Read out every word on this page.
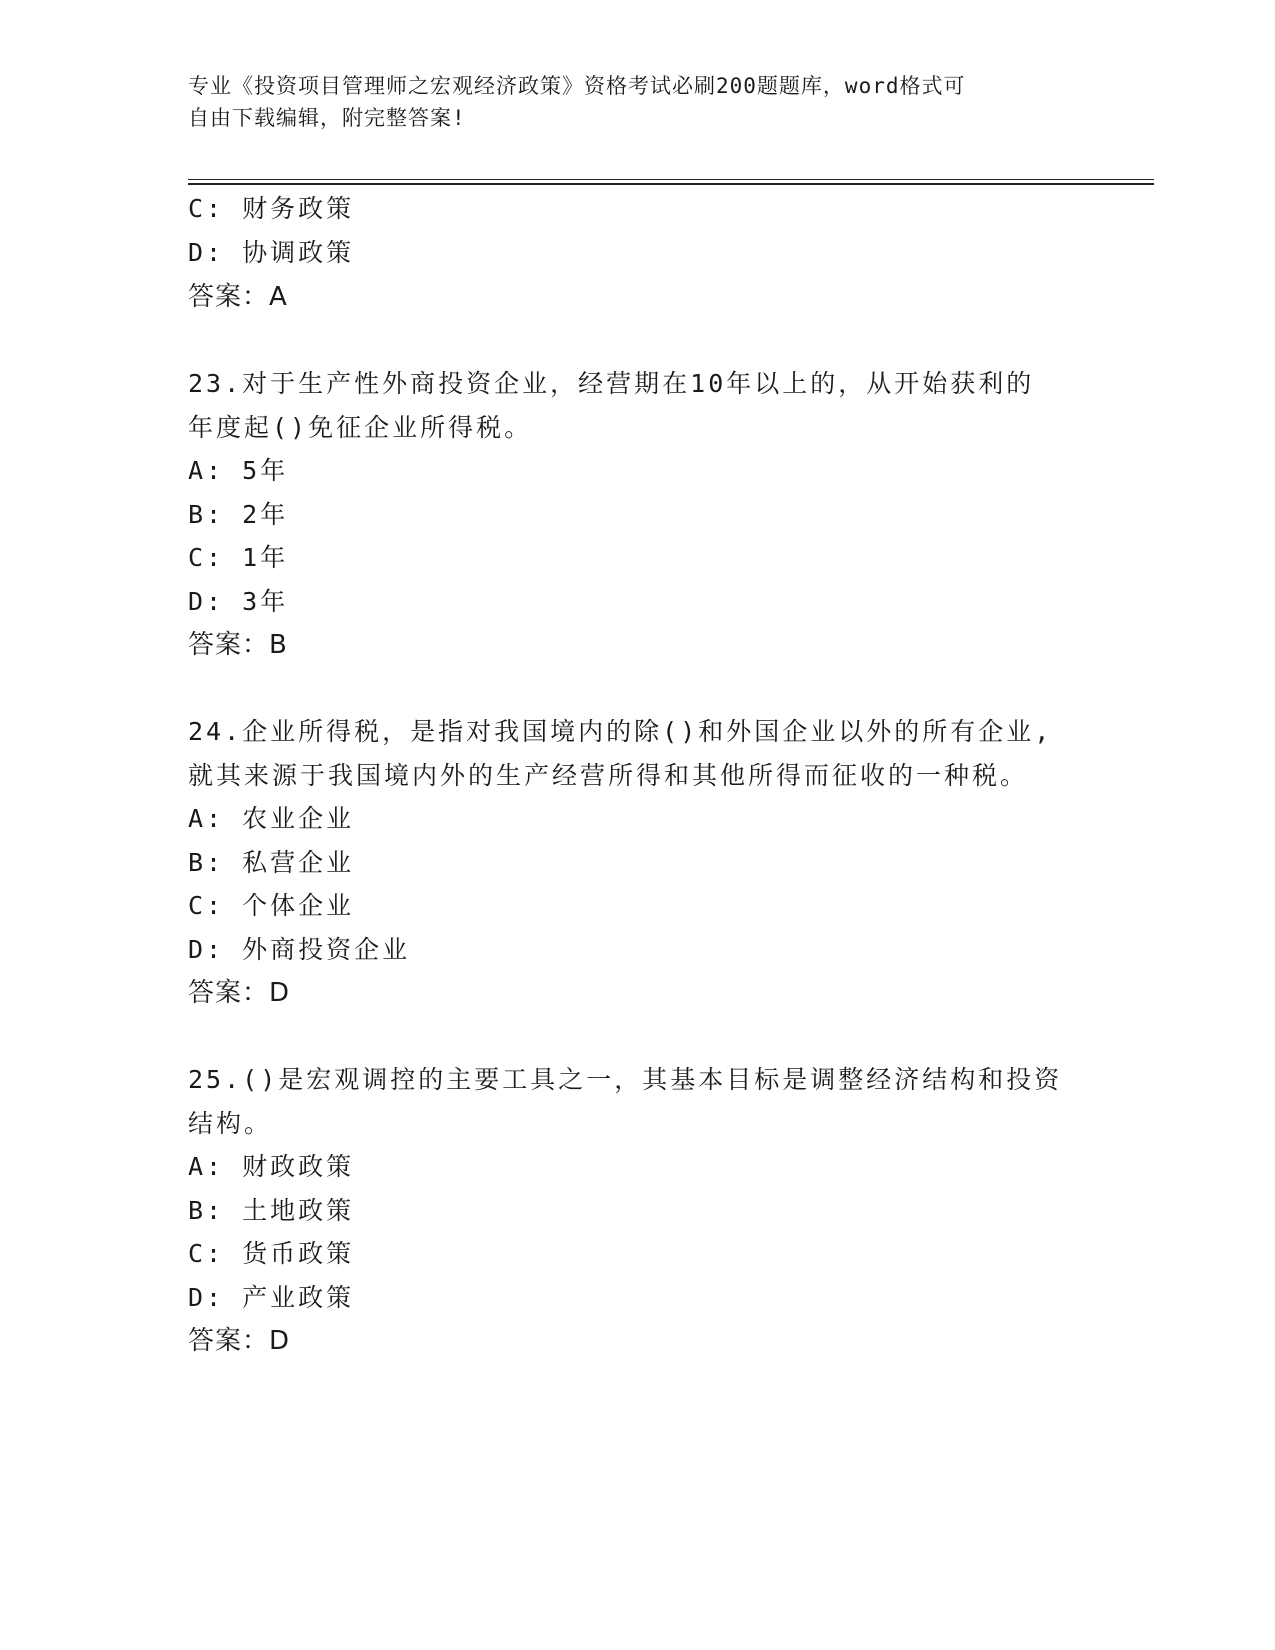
专业《投资项目管理师之宏观经济政策》资格考试必刷200题题库，word格式可
自由下载编辑，附完整答案!
C: 财务政策
D: 协调政策
答案：A
23.对于生产性外商投资企业，经营期在10年以上的，从开始获利的
年度起()免征企业所得税。
A: 5年
B: 2年
C: 1年
D: 3年
答案：B
24.企业所得税，是指对我国境内的除()和外国企业以外的所有企业,
就其来源于我国境内外的生产经营所得和其他所得而征收的一种税。
A: 农业企业
B: 私营企业
C: 个体企业
D: 外商投资企业
答案：D
25.()是宏观调控的主要工具之一，其基本目标是调整经济结构和投资
结构。
A: 财政政策
B: 土地政策
C: 货币政策
D: 产业政策
答案：D
